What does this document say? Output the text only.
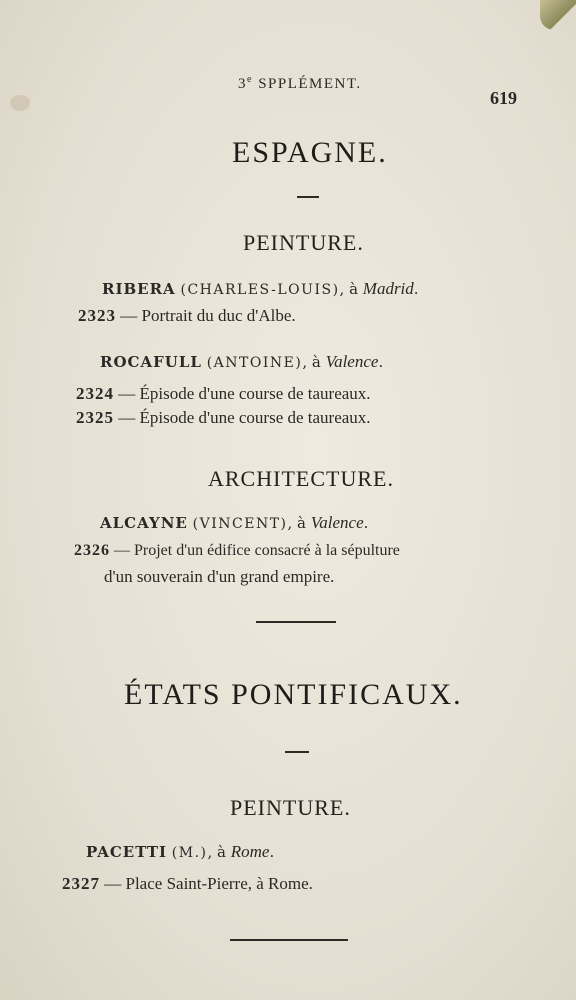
3e SPPLÉMENT.
619
ESPAGNE.
PEINTURE.
RIBERA (CHARLES-LOUIS), à Madrid.
2323 — Portrait du duc d'Albe.
ROCAFULL (ANTOINE), à Valence.
2324 — Épisode d'une course de taureaux.
2325 — Épisode d'une course de taureaux.
ARCHITECTURE.
ALCAYNE (VINCENT), à Valence.
2326 — Projet d'un édifice consacré à la sépulture
d'un souverain d'un grand empire.
ÉTATS PONTIFICAUX.
PEINTURE.
PACETTI (M.), à Rome.
2327 — Place Saint-Pierre, à Rome.
